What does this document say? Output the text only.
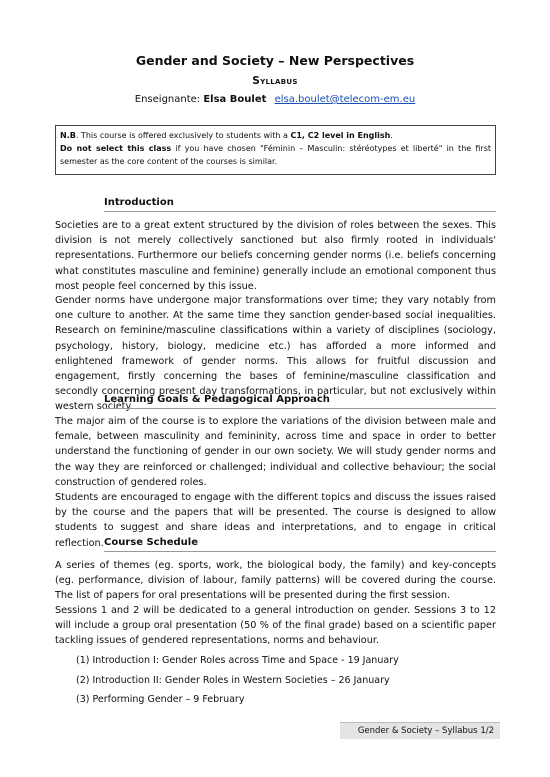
Gender and Society – New Perspectives
Syllabus
Enseignante: Elsa Boulet elsa.boulet@telecom-em.eu
N.B. This course is offered exclusively to students with a C1, C2 level in English.
Do not select this class if you have chosen "Féminin – Masculin: stéréotypes et liberté" in the first semester as the core content of the courses is similar.
Introduction
Societies are to a great extent structured by the division of roles between the sexes. This division is not merely collectively sanctioned but also firmly rooted in individuals' representations. Furthermore our beliefs concerning gender norms (i.e. beliefs concerning what constitutes masculine and feminine) generally include an emotional component thus most people feel concerned by this issue.
Gender norms have undergone major transformations over time; they vary notably from one culture to another. At the same time they sanction gender-based social inequalities. Research on feminine/masculine classifications within a variety of disciplines (sociology, psychology, history, biology, medicine etc.) has afforded a more informed and enlightened framework of gender norms. This allows for fruitful discussion and engagement, firstly concerning the bases of feminine/masculine classification and secondly concerning present day transformations, in particular, but not exclusively within western society.
Learning Goals & Pedagogical Approach
The major aim of the course is to explore the variations of the division between male and female, between masculinity and femininity, across time and space in order to better understand the functioning of gender in our own society. We will study gender norms and the way they are reinforced or challenged; individual and collective behaviour; the social construction of gendered roles.
Students are encouraged to engage with the different topics and discuss the issues raised by the course and the papers that will be presented. The course is designed to allow students to suggest and share ideas and interpretations, and to engage in critical reflection. Course Schedule
A series of themes (eg. sports, work, the biological body, the family) and key-concepts (eg. performance, division of labour, family patterns) will be covered during the course. The list of papers for oral presentations will be presented during the first session.
Sessions 1 and 2 will be dedicated to a general introduction on gender. Sessions 3 to 12 will include a group oral presentation (50 % of the final grade) based on a scientific paper tackling issues of gendered representations, norms and behaviour.
(1) Introduction I: Gender Roles across Time and Space - 19 January
(2) Introduction II: Gender Roles in Western Societies – 26 January
(3) Performing Gender – 9 February
Gender & Society – Syllabus 1/2
